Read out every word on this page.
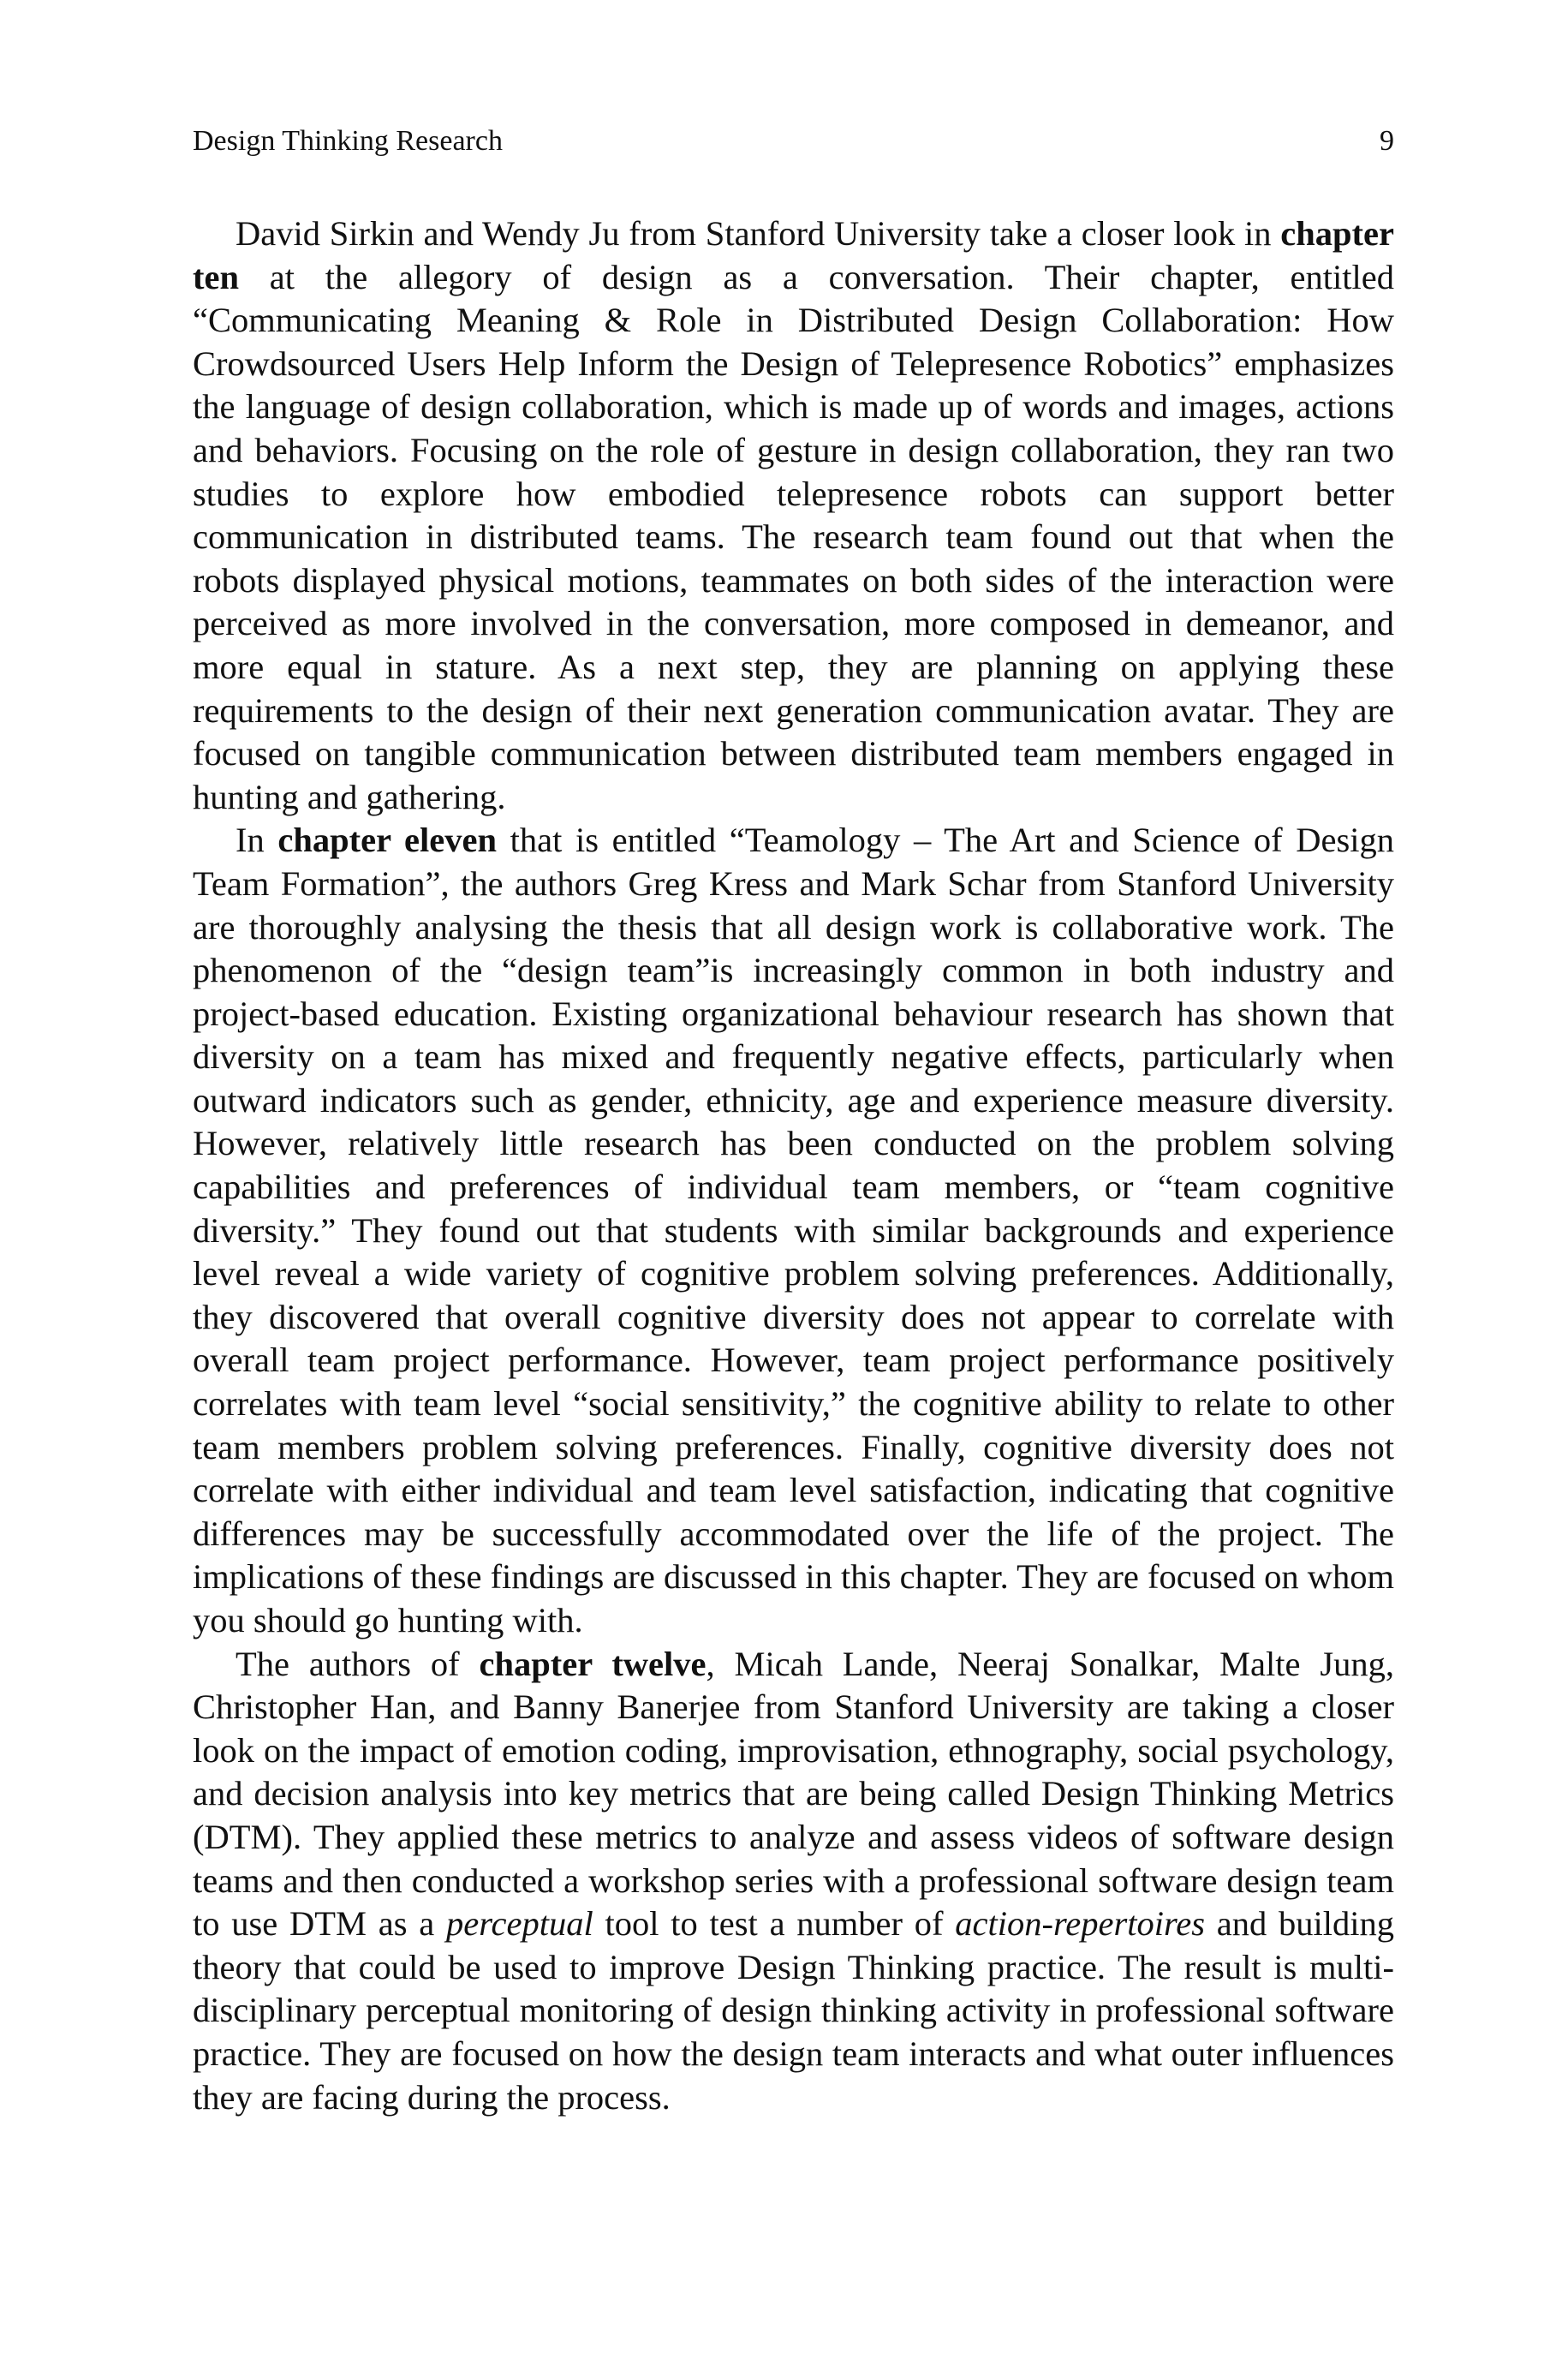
Design Thinking Research	9

David Sirkin and Wendy Ju from Stanford University take a closer look in chapter ten at the allegory of design as a conversation. Their chapter, entitled “Communicating Meaning & Role in Distributed Design Collaboration: How Crowdsourced Users Help Inform the Design of Telepresence Robotics” emphasizes the language of design collaboration, which is made up of words and images, actions and behaviors. Focusing on the role of gesture in design collaboration, they ran two studies to explore how embodied telepresence robots can support better communication in distributed teams. The research team found out that when the robots displayed physical motions, teammates on both sides of the interaction were perceived as more involved in the conversation, more composed in demeanor, and more equal in stature. As a next step, they are planning on applying these requirements to the design of their next generation communication avatar. They are focused on tangible communication between distributed team members engaged in hunting and gathering.

In chapter eleven that is entitled “Teamology – The Art and Science of Design Team Formation”, the authors Greg Kress and Mark Schar from Stanford University are thoroughly analysing the thesis that all design work is collaborative work. The phenomenon of the “design team”is increasingly common in both industry and project-based education. Existing organizational behaviour research has shown that diversity on a team has mixed and frequently negative effects, particularly when outward indicators such as gender, ethnicity, age and experience measure diversity. However, relatively little research has been conducted on the problem solving capabilities and preferences of individual team members, or “team cognitive diversity.” They found out that students with similar backgrounds and experience level reveal a wide variety of cognitive problem solving preferences. Additionally, they discovered that overall cognitive diversity does not appear to correlate with overall team project performance. However, team project performance positively correlates with team level “social sensitivity,” the cognitive ability to relate to other team members problem solving preferences. Finally, cognitive diversity does not correlate with either individual and team level satisfaction, indicating that cognitive differences may be successfully accommodated over the life of the project. The implications of these findings are discussed in this chapter. They are focused on whom you should go hunting with.

The authors of chapter twelve, Micah Lande, Neeraj Sonalkar, Malte Jung, Christopher Han, and Banny Banerjee from Stanford University are taking a closer look on the impact of emotion coding, improvisation, ethnography, social psychology, and decision analysis into key metrics that are being called Design Thinking Metrics (DTM). They applied these metrics to analyze and assess videos of software design teams and then conducted a workshop series with a professional software design team to use DTM as a perceptual tool to test a number of action-repertoires and building theory that could be used to improve Design Thinking practice. The result is multi-disciplinary perceptual monitoring of design thinking activity in professional software practice. They are focused on how the design team interacts and what outer influences they are facing during the process.
